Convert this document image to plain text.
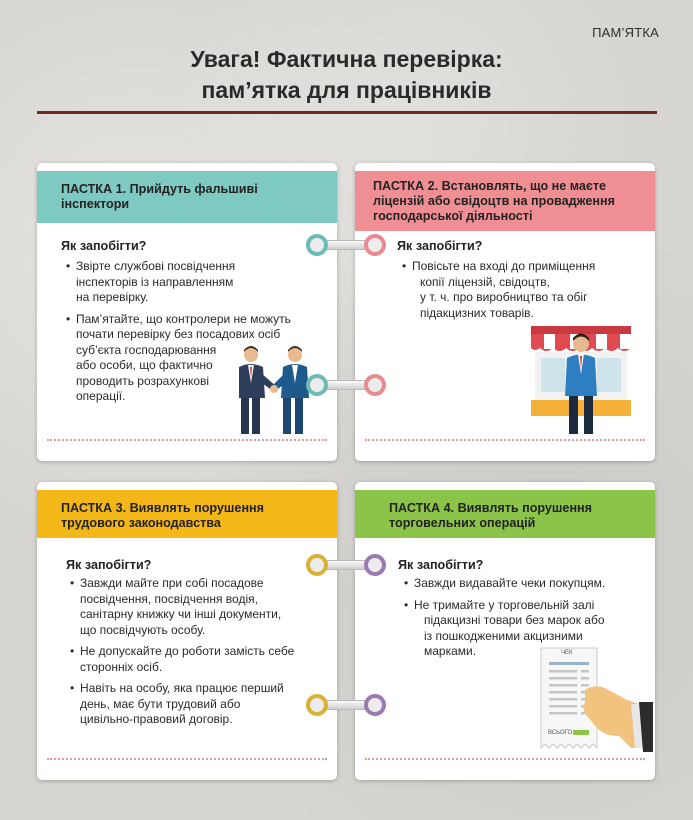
ПАМ’ЯТКА
Увага! Фактична перевірка:
пам’ятка для працівників
ПАСТКА 1. Прийдуть фальшиві
інспектори
Як запобігти?
• Звірте службові посвідчення
інспекторів із направленням
на перевірку.
• Пам’ятайте, що контролери не можуть
почати перевірку без посадових осіб
суб’єкта господарювання
або особи, що фактично
проводить розрахункові
операції.
ПАСТКА 2. Встановлять, що не маєте
ліцензій або свідоцтв на провадження
господарської діяльності
Як запобігти?
• Повісьте на вході до приміщення
копії ліцензій, свідоцтв,
у т. ч. про виробництво та обіг
підакцизних товарів.
ПАСТКА 3. Виявлять порушення
трудового законодавства
Як запобігти?
• Завжди майте при собі посадове
посвідчення, посвідчення водія,
санітарну книжку чи інші документи,
що посвідчують особу.
• Не допускайте до роботи замість себе
сторонніх осіб.
• Навіть на особу, яка працює перший
день, має бути трудовий або
цивільно-правовий договір.
ПАСТКА 4. Виявлять порушення
торговельних операцій
Як запобігти?
• Завжди видавайте чеки покупцям.
• Не тримайте у торговельній залі
підакцизні товари без марок або
із пошкодженими акцизними
марками.	ЧЕК
ВСЬОГО
